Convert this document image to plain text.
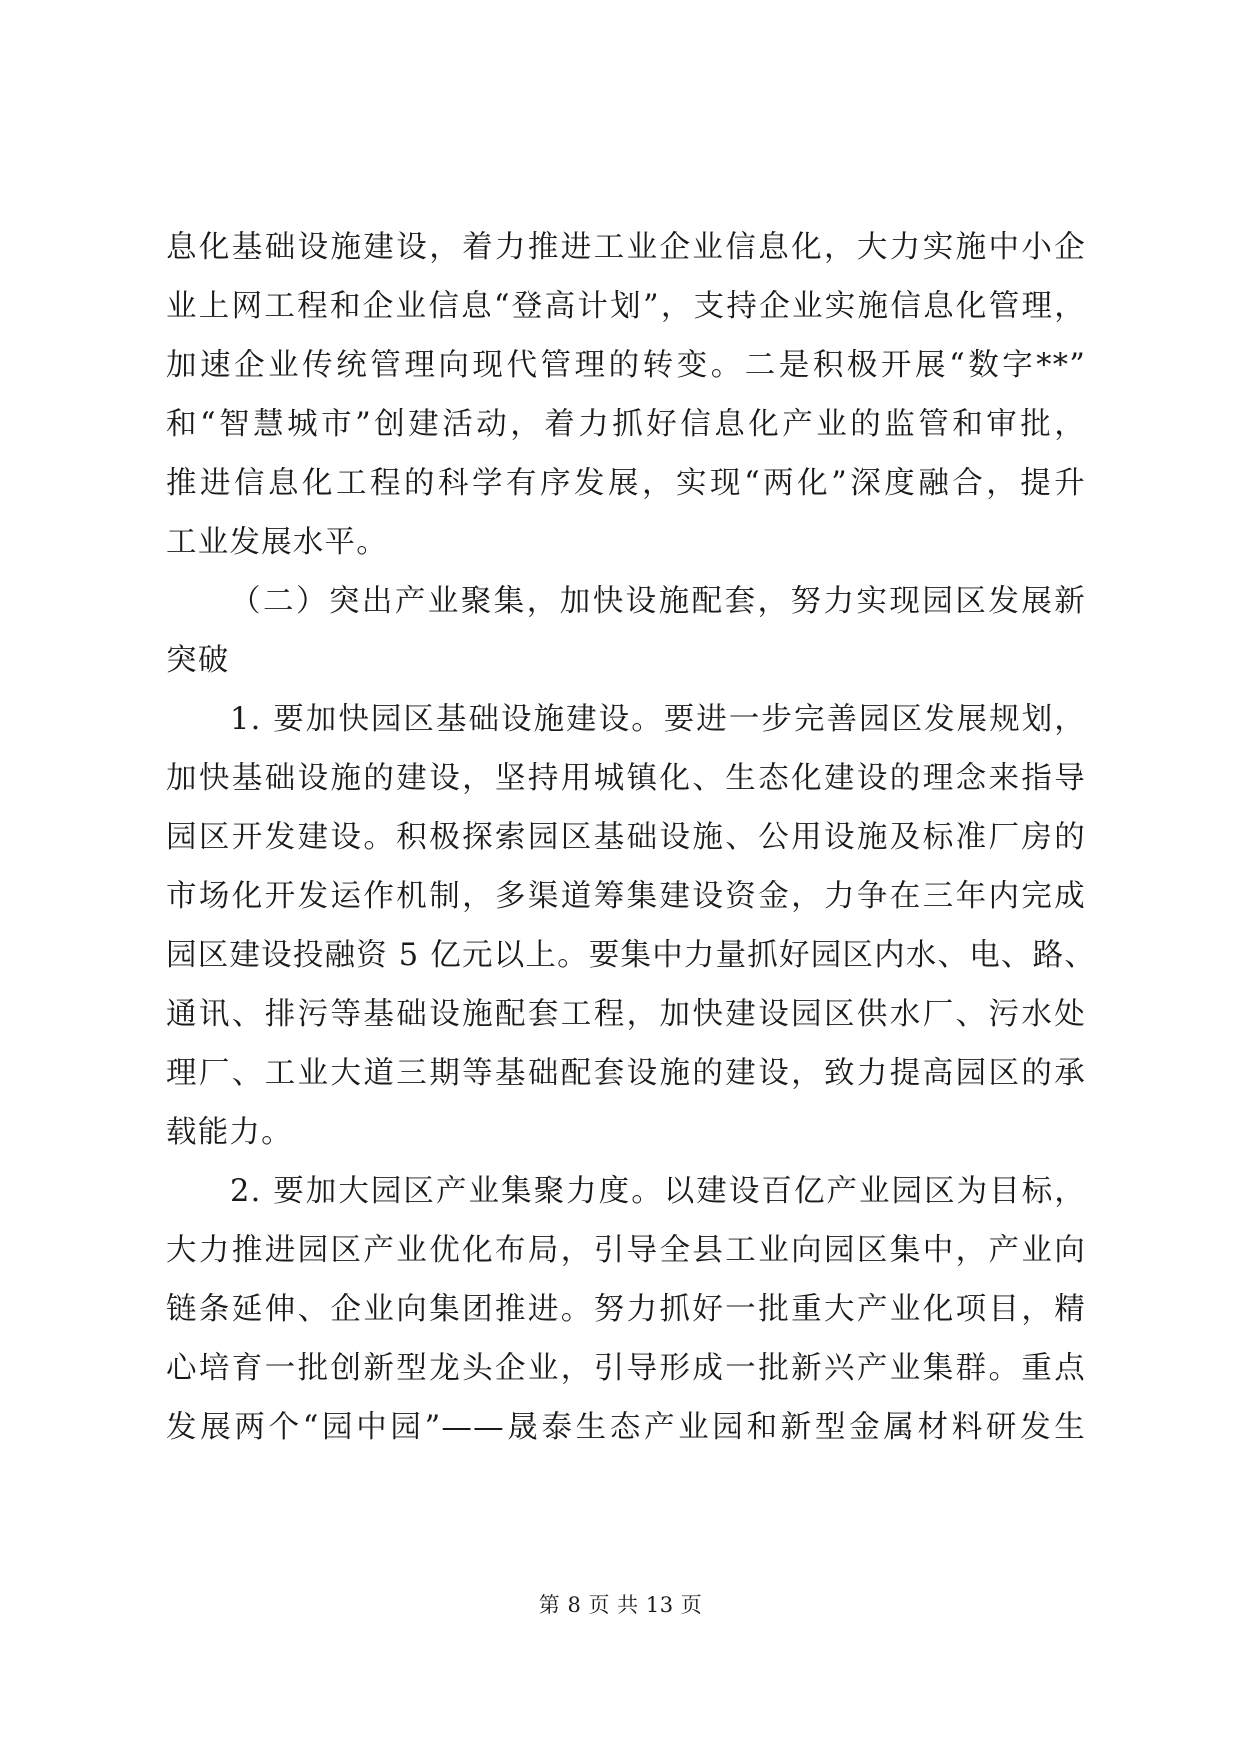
息化基础设施建设，着力推进工业企业信息化，大力实施中小企
业上网工程和企业信息“登高计划”，支持企业实施信息化管理，
加速企业传统管理向现代管理的转变。二是积极开展“数字**”
和“智慧城市”创建活动，着力抓好信息化产业的监管和审批，
推进信息化工程的科学有序发展，实现“两化”深度融合，提升
工业发展水平。
（二）突出产业聚集，加快设施配套，努力实现园区发展新
突破
1. 要加快园区基础设施建设。要进一步完善园区发展规划，
加快基础设施的建设，坚持用城镇化、生态化建设的理念来指导
园区开发建设。积极探索园区基础设施、公用设施及标准厂房的
市场化开发运作机制，多渠道筹集建设资金，力争在三年内完成
园区建设投融资 5 亿元以上。要集中力量抓好园区内水、电、路、
通讯、排污等基础设施配套工程，加快建设园区供水厂、污水处
理厂、工业大道三期等基础配套设施的建设，致力提高园区的承
载能力。
2. 要加大园区产业集聚力度。以建设百亿产业园区为目标，
大力推进园区产业优化布局，引导全县工业向园区集中，产业向
链条延伸、企业向集团推进。努力抓好一批重大产业化项目，精
心培育一批创新型龙头企业，引导形成一批新兴产业集群。重点
发展两个“园中园”——晟泰生态产业园和新型金属材料研发生
第 8 页 共 13 页
